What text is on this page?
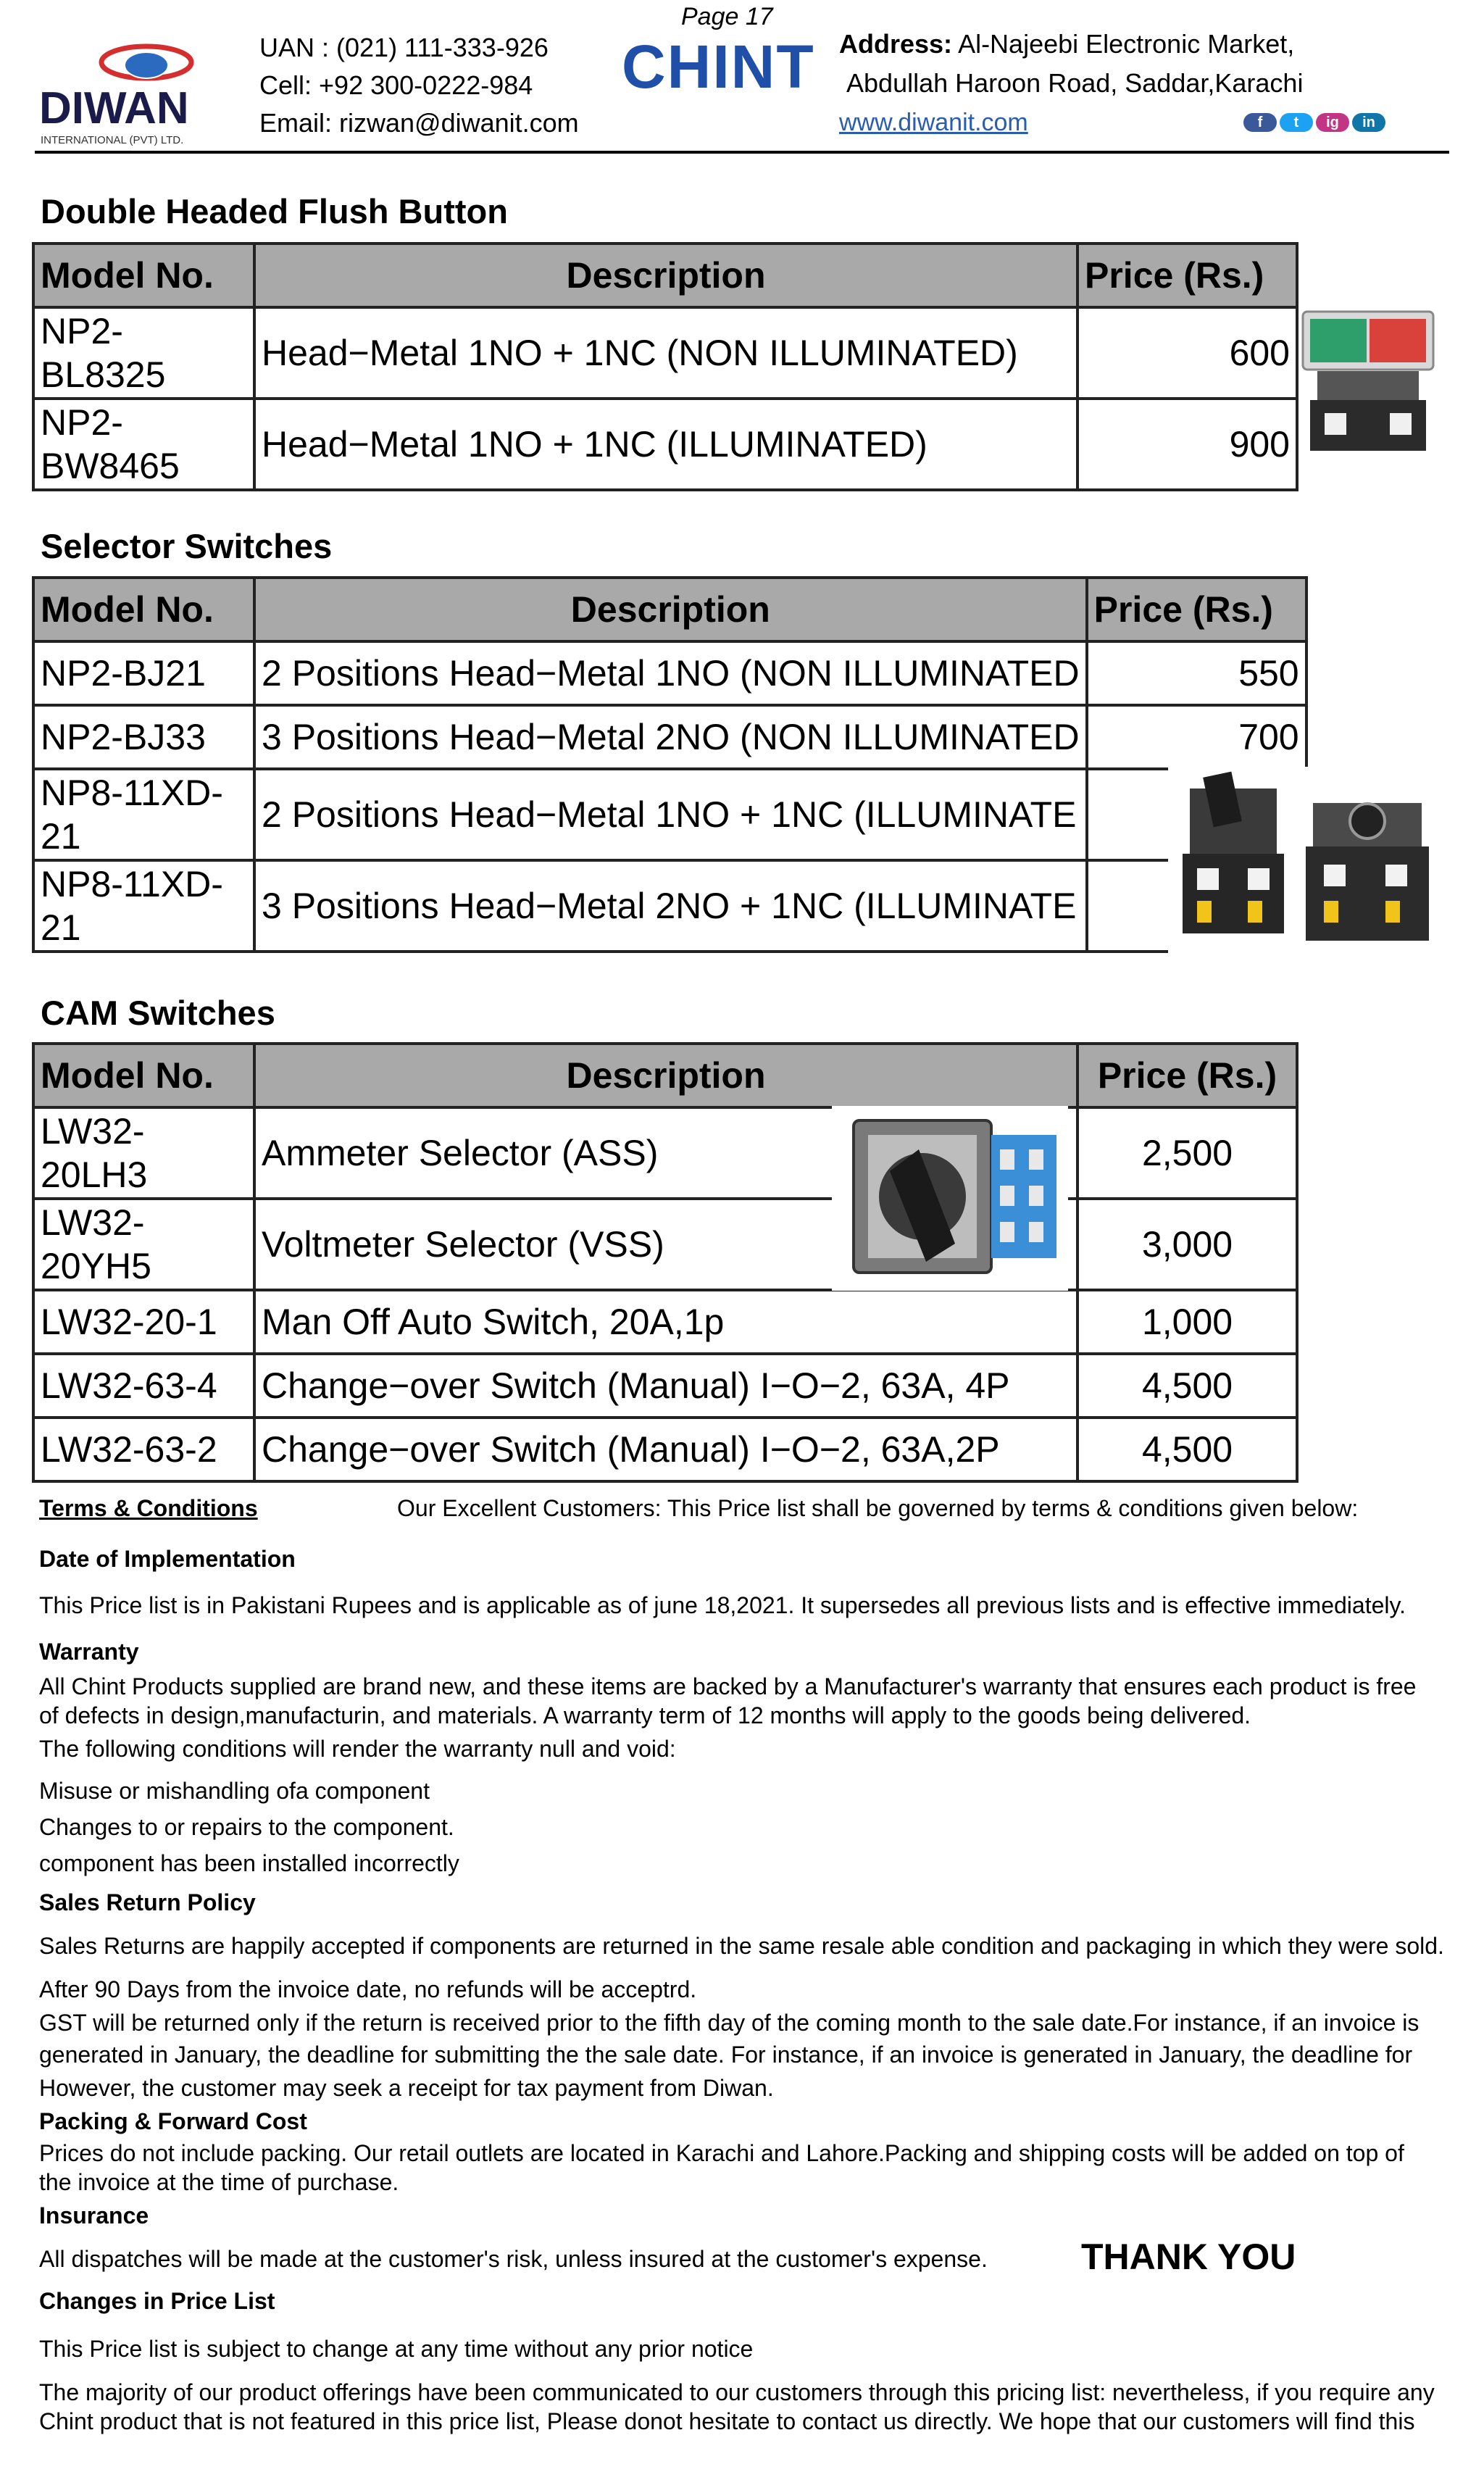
DIWAN
INTERNATIONAL (PVT) LTD.
UAN : (021) 111-333-926
Cell: +92 300-0222-984
Email: rizwan@diwanit.com
Page 17
CHINT Address: Al-Najeebi Electronic Market,
Abdullah Haroon Road, Saddar,Karachi
www.diwanit.com	f	t	ig	in
Double Headed Flush Button
Model No.	Description	Price (Rs.)
NP2-BL8325	Head−Metal 1NO + 1NC (NON ILLUMINATED)	600
NP2-BW8465	Head−Metal 1NO + 1NC (ILLUMINATED)	900
Selector Switches
Model No.	Description	Price (Rs.)
NP2-BJ21	2 Positions Head−Metal 1NO (NON ILLUMINATED	550
NP2-BJ33	3 Positions Head−Metal 2NO (NON ILLUMINATED	700
NP8-11XD-21	2 Positions Head−Metal 1NO + 1NC (ILLUMINATE	
NP8-11XD-21	3 Positions Head−Metal 2NO + 1NC (ILLUMINATE	
CAM Switches
Model No.	Description	Price (Rs.)
LW32-20LH3	Ammeter Selector (ASS)	2,500
LW32-20YH5	Voltmeter Selector (VSS)	3,000
LW32-20-1	Man Off Auto Switch, 20A,1p	1,000
LW32-63-4	Change−over Switch (Manual) I−O−2, 63A, 4P	4,500
LW32-63-2	Change−over Switch (Manual) I−O−2, 63A,2P	4,500
Terms & Conditions	Our Excellent Customers: This Price list shall be governed by terms & conditions given below:
Date of Implementation
This Price list is in Pakistani Rupees and is applicable as of june 18,2021. It supersedes all previous lists and is effective immediately.
Warranty
All Chint Products supplied are brand new, and these items are backed by a Manufacturer's warranty that ensures each product is free
of defects in design,manufacturin, and materials. A warranty term of 12 months will apply to the goods being delivered.
The following conditions will render the warranty null and void:
Misuse or mishandling ofa component
Changes to or repairs to the component.
component has been installed incorrectly
Sales Return Policy
Sales Returns are happily accepted if components are returned in the same resale able condition and packaging in which they were sold.
After 90 Days from the invoice date, no refunds will be acceptrd.
GST will be returned only if the return is received prior to the fifth day of the coming month to the sale date.For instance, if an invoice is
generated in January, the deadline for submitting the the sale date. For instance, if an invoice is generated in January, the deadline for
However, the customer may seek a receipt for tax payment from Diwan.
Packing & Forward Cost
Prices do not include packing. Our retail outlets are located in Karachi and Lahore.Packing and shipping costs will be added on top of
the invoice at the time of purchase.
Insurance
All dispatches will be made at the customer's risk, unless insured at the customer's expense.	THANK YOU
Changes in Price List
This Price list is subject to change at any time without any prior notice
The majority of our product offerings have been communicated to our customers through this pricing list: nevertheless, if you require any
Chint product that is not featured in this price list, Please donot hesitate to contact us directly. We hope that our customers will find this
